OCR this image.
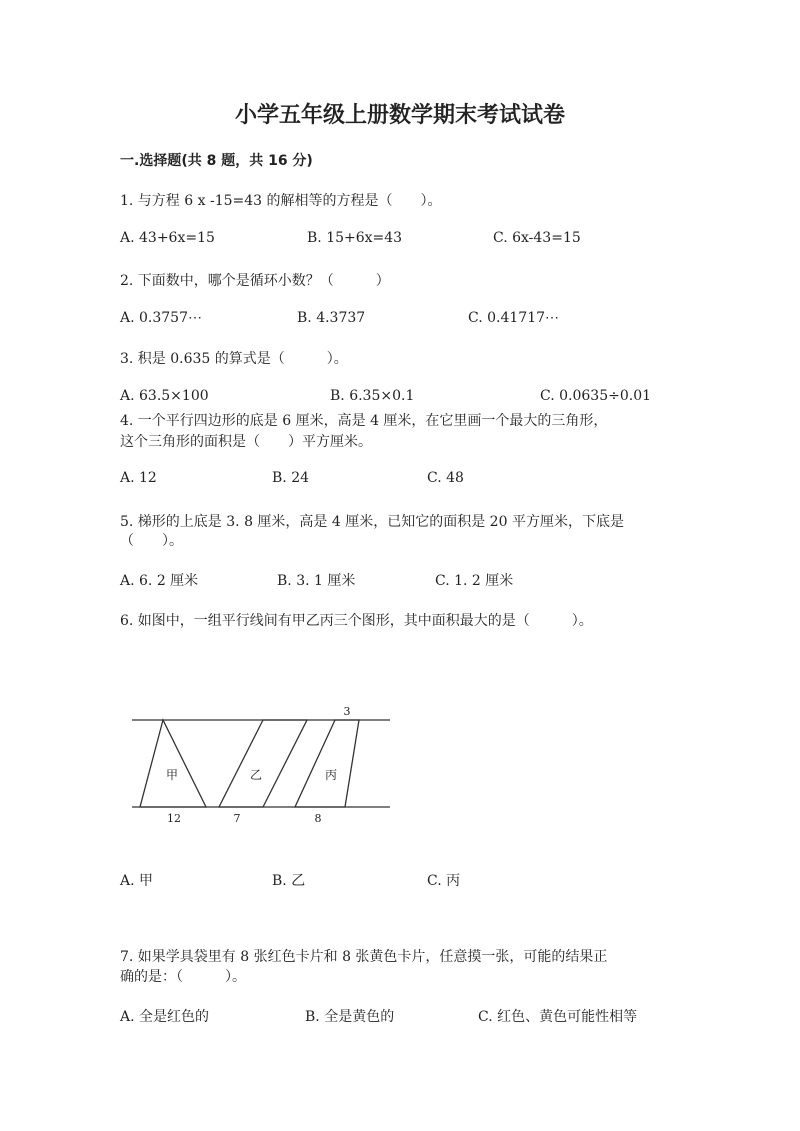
小学五年级上册数学期末考试试卷
一.选择题(共 8 题，共 16 分)
1. 与方程 6 x -15=43 的解相等的方程是（　　）。
A. 43+6x=15	B. 15+6x=43	C. 6x-43=15
2. 下面数中，哪个是循环小数？（　　　）
A. 0.3757⋯	B. 4.3737	C. 0.41717⋯
3. 积是 0.635 的算式是（　　　）。
A. 63.5×100	B. 6.35×0.1	C. 0.0635÷0.01
4. 一个平行四边形的底是 6 厘米，高是 4 厘米，在它里画一个最大的三角形，
这个三角形的面积是（　　）平方厘米。
A. 12	B. 24	C. 48
5. 梯形的上底是 3. 8 厘米，高是 4 厘米，已知它的面积是 20 平方厘米，下底是
（　　）。
A. 6. 2 厘米	B. 3. 1 厘米	C. 1. 2 厘米
6. 如图中，一组平行线间有甲乙丙三个图形，其中面积最大的是（　　　）。
甲	乙	丙
3
12	7	8
A. 甲	B. 乙	C. 丙
7. 如果学具袋里有 8 张红色卡片和 8 张黄色卡片，任意摸一张，可能的结果正
确的是：（　　　）。
A. 全是红色的	B. 全是黄色的	C. 红色、黄色可能性相等
